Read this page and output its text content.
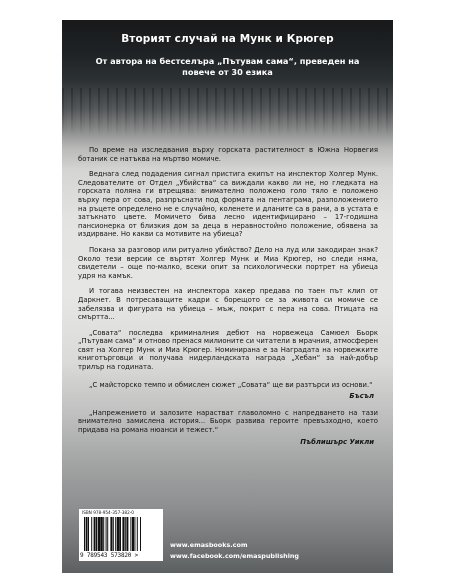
Вторият случай на Мунк и Крюгер
От автора на бестселъра „Пътувам сама“, преведен на повече от 30 езика

По време на изследвания върху горската растителност в Южна Норвегия ботаник се натъква на мъртво момиче.

Веднага след подадения сигнал пристига екипът на инспектор Холгер Мунк. Следователите от Отдел „Убийства“ са виждали какво ли не, но гледката на горската поляна ги втрещява: внимателно положено голо тяло е положено върху пера от сова, разпръснати под формата на пентаграма, разположението на ръцете определено не е случайно, коленете и дланите са в рани, а в устата е затъкнато цвете. Момичето бива лесно идентифицирано – 17-годишна пансионерка от близкия дом за деца в неравностойно положение, обявена за издирване. Но какви са мотивите на убиеца?

Покана за разговор или ритуално убийство? Дело на луд или закодиран знак? Около тези версии се въртят Холгер Мунк и Миа Крюгер, но следи няма, свидетели – още по-малко, всеки опит за психологически портрет на убиеца удря на камък.

И тогава неизвестен на инспектора хакер предава по таен път клип от Даркнет. В потресаващите кадри с борещото се за живота си момиче се забелязва и фигурата на убиеца – мъж, покрит с пера на сова. Птицата на смъртта...

„Совата“ последва криминалния дебют на норвежеца Самюел Бьорк „Пътувам сама“ и отново пренася милионите си читатели в мрачния, атмосферен свят на Холгер Мунк и Миа Крюгер. Номинирана е за Наградата на норвежките книготърговци и получава нидерландската награда „Хебан“ за най-добър трилър на годината.

„С майсторско темпо и обмислен сюжет „Совата“ ще ви разтърси из основи.“

Бъсъл

„Напрежението и залозите нарастват главоломно с напредването на тази внимателно замислена история... Бьорк развива героите превъзходно, което придава на романа нюанси и тежест.“

Пъблишърс Уикли

ISBN 978-954-357-382-0
9 789543 573820 >
www.emasbooks.com
www.facebook.com/emaspublishing
